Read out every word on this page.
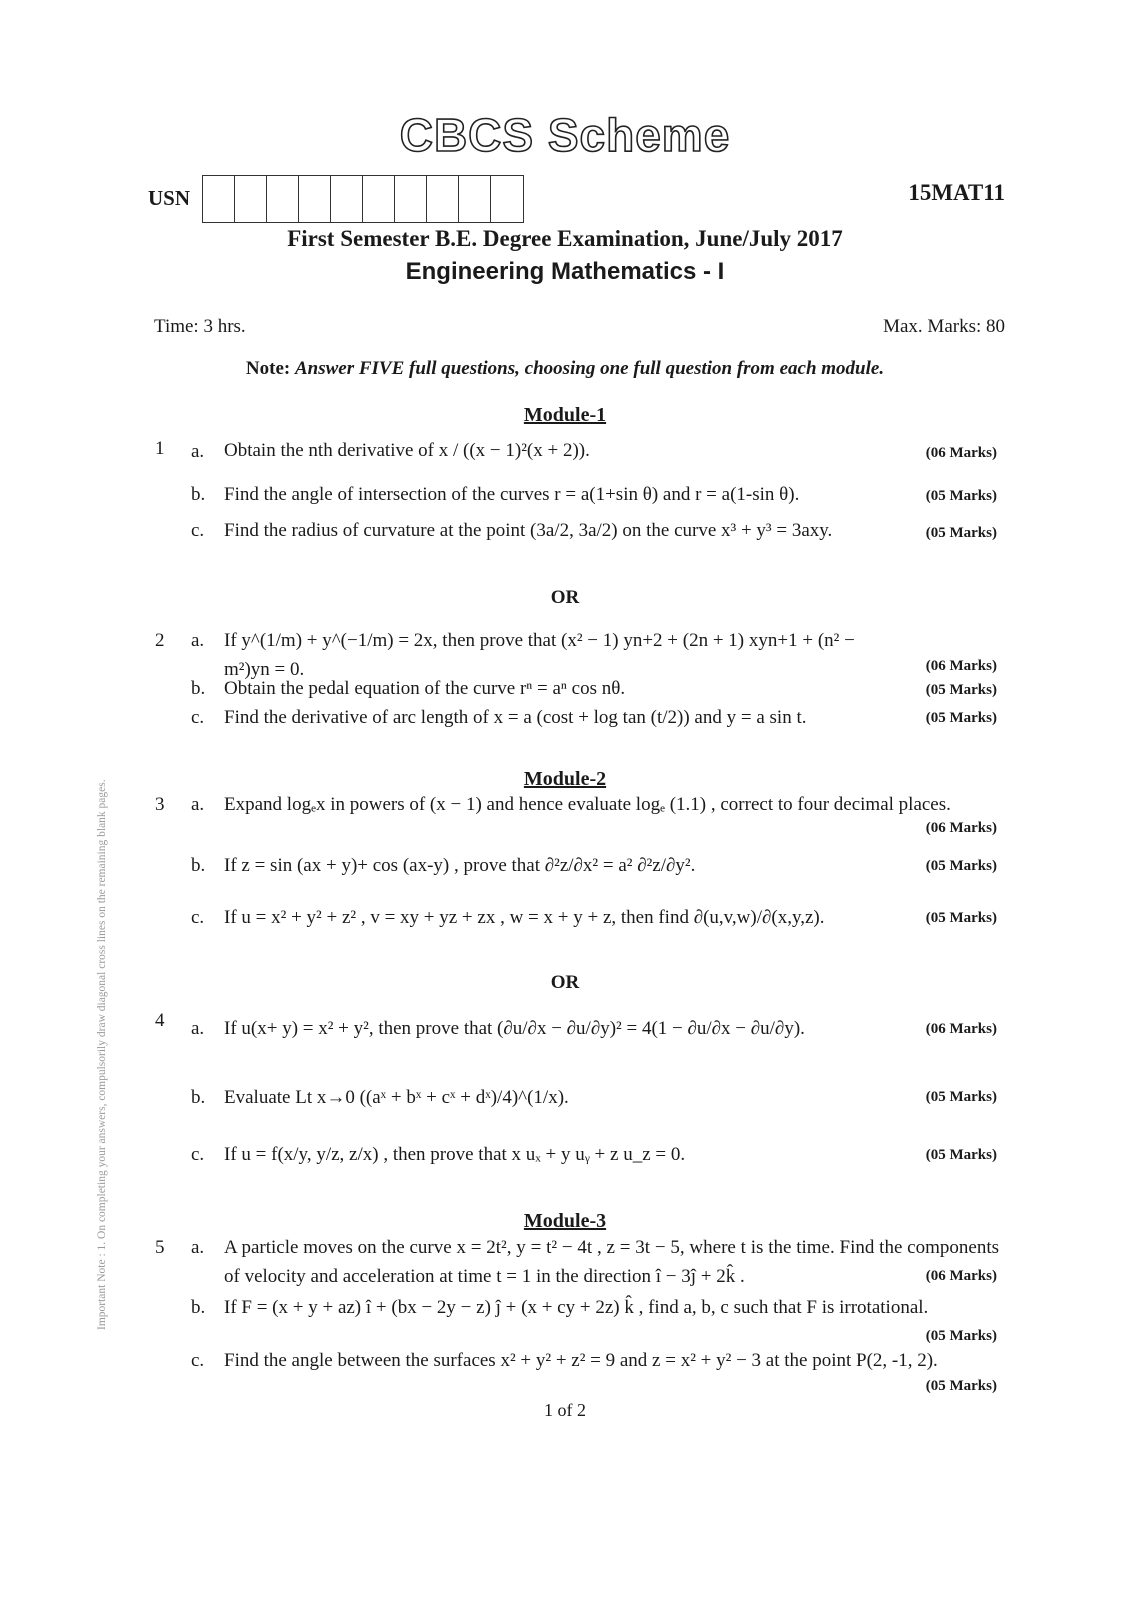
CBCS Scheme
USN	15MAT11
First Semester B.E. Degree Examination, June/July 2017
Engineering Mathematics - I
Time: 3 hrs.	Max. Marks: 80
Note: Answer FIVE full questions, choosing one full question from each module.
Important Note : 1. On completing your answers, compulsorily draw diagonal cross lines on the remaining blank pages.
Module-1
1 a. Obtain the nth derivative of x / ((x − 1)²(x + 2)).	(06 Marks)
b. Find the angle of intersection of the curves r = a(1+sin θ) and r = a(1-sin θ).	(05 Marks)
c. Find the radius of curvature at the point (3a/2, 3a/2) on the curve x³ + y³ = 3axy.	(05 Marks)
OR
2 a. If y^(1/m) + y^(−1/m) = 2x, then prove that (x² − 1) yn+2 + (2n + 1) xyn+1 + (n² − m²)yn = 0.	(06 Marks)
b. Obtain the pedal equation of the curve rⁿ = aⁿ cos nθ.	(05 Marks)
c. Find the derivative of arc length of x = a (cost + log tan (t/2)) and y = a sin t.	(05 Marks)
Module-2
3 a. Expand logₑx in powers of (x − 1) and hence evaluate logₑ (1.1) , correct to four decimal places.
(06 Marks)
b. If z = sin (ax + y)+ cos (ax-y) , prove that ∂²z/∂x² = a² ∂²z/∂y².	(05 Marks)
c. If u = x² + y² + z² , v = xy + yz + zx , w = x + y + z, then find ∂(u,v,w)/∂(x,y,z).	(05 Marks)
OR
4 a. If u(x+ y) = x² + y², then prove that (∂u/∂x − ∂u/∂y)² = 4(1 − ∂u/∂x − ∂u/∂y).	(06 Marks)
b. Evaluate Lt x→0 ((aˣ + bˣ + cˣ + dˣ)/4)^(1/x).	(05 Marks)
c. If u = f(x/y, y/z, z/x) , then prove that x uₓ + y uᵧ + z u_z = 0.	(05 Marks)
Module-3
5 a. A particle moves on the curve x = 2t², y = t² − 4t , z = 3t − 5, where t is the time. Find the components of velocity and acceleration at time t = 1 in the direction î − 3ĵ + 2k̂ .	(06 Marks)
b. If F = (x + y + az) î + (bx − 2y − z) ĵ + (x + cy + 2z) k̂ , find a, b, c such that F is irrotational.
(05 Marks)
c. Find the angle between the surfaces x² + y² + z² = 9 and z = x² + y² − 3 at the point P(2, -1, 2).
(05 Marks)
1 of 2
